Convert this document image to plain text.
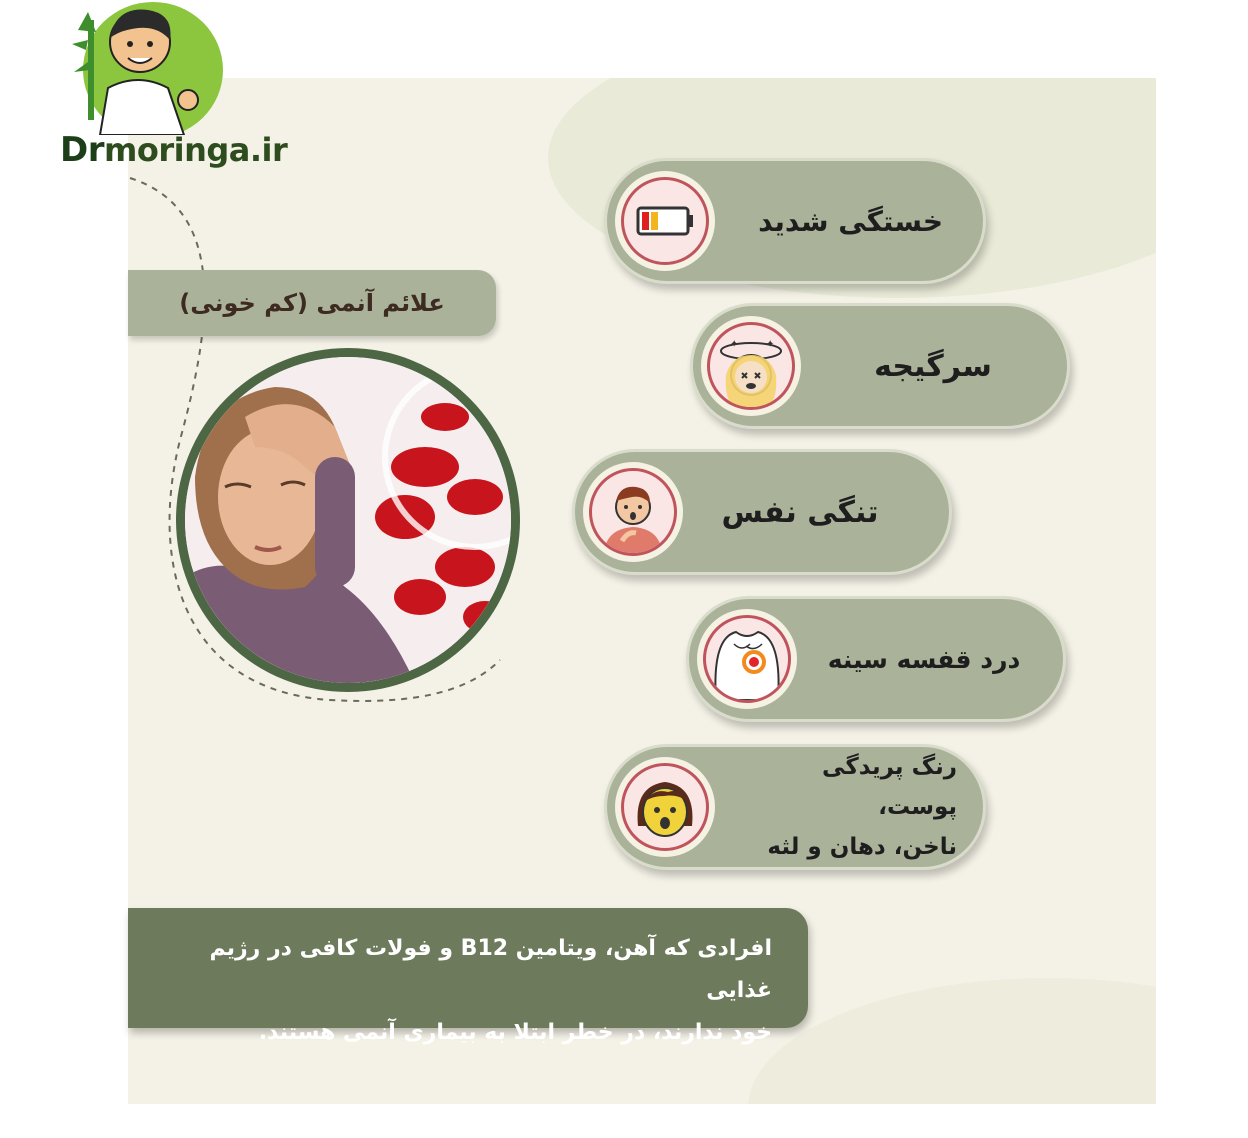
Drmoringa.ir
علائم آنمی (کم خونی)
خستگی شدید
✦	✦
سرگیجه
تنگی نفس
درد قفسه سینه
رنگ پریدگی پوست،
ناخن، دهان و لثه

افرادی که آهن، ویتامین B12 و فولات کافی در رژیم غذایی
خود ندارند، در خطر ابتلا به بیماری آنمی هستند.
